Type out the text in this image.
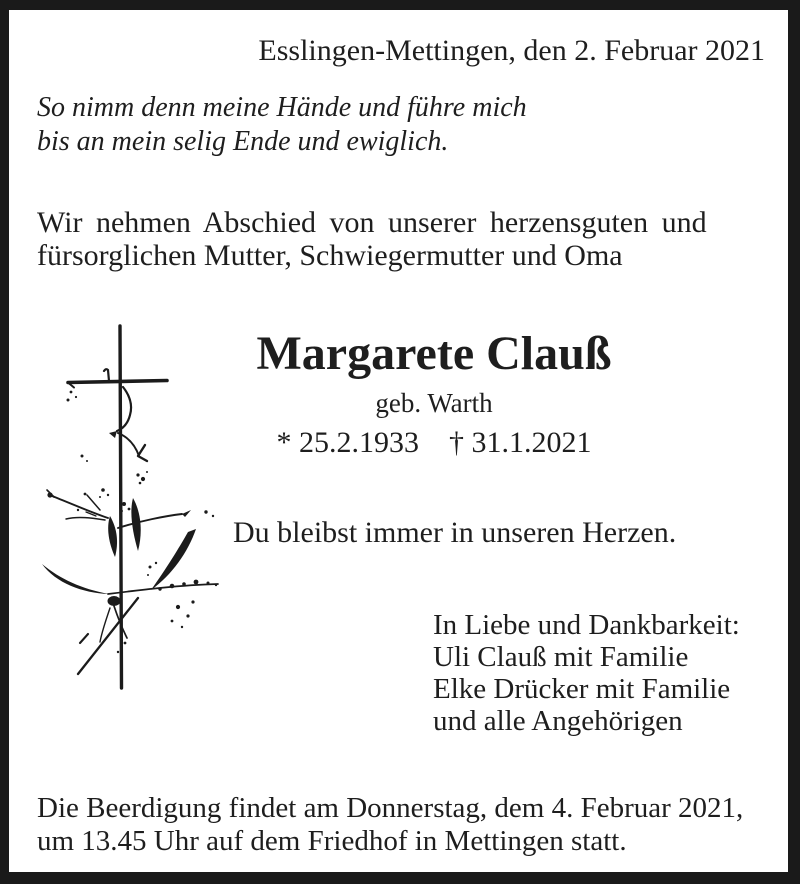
Esslingen-Mettingen, den 2. Februar 2021
So nimm denn meine Hände und führe mich
bis an mein selig Ende und ewiglich.
Wir nehmen Abschied von unserer herzensguten und
fürsorglichen Mutter, Schwiegermutter und Oma
Margarete Clauß
geb. Warth
* 25.2.1933 † 31.1.2021
Du bleibst immer in unseren Herzen.
In Liebe und Dankbarkeit:
Uli Clauß mit Familie
Elke Drücker mit Familie
und alle Angehörigen
Die Beerdigung findet am Donnerstag, dem 4. Februar 2021,
um 13.45 Uhr auf dem Friedhof in Mettingen statt.
